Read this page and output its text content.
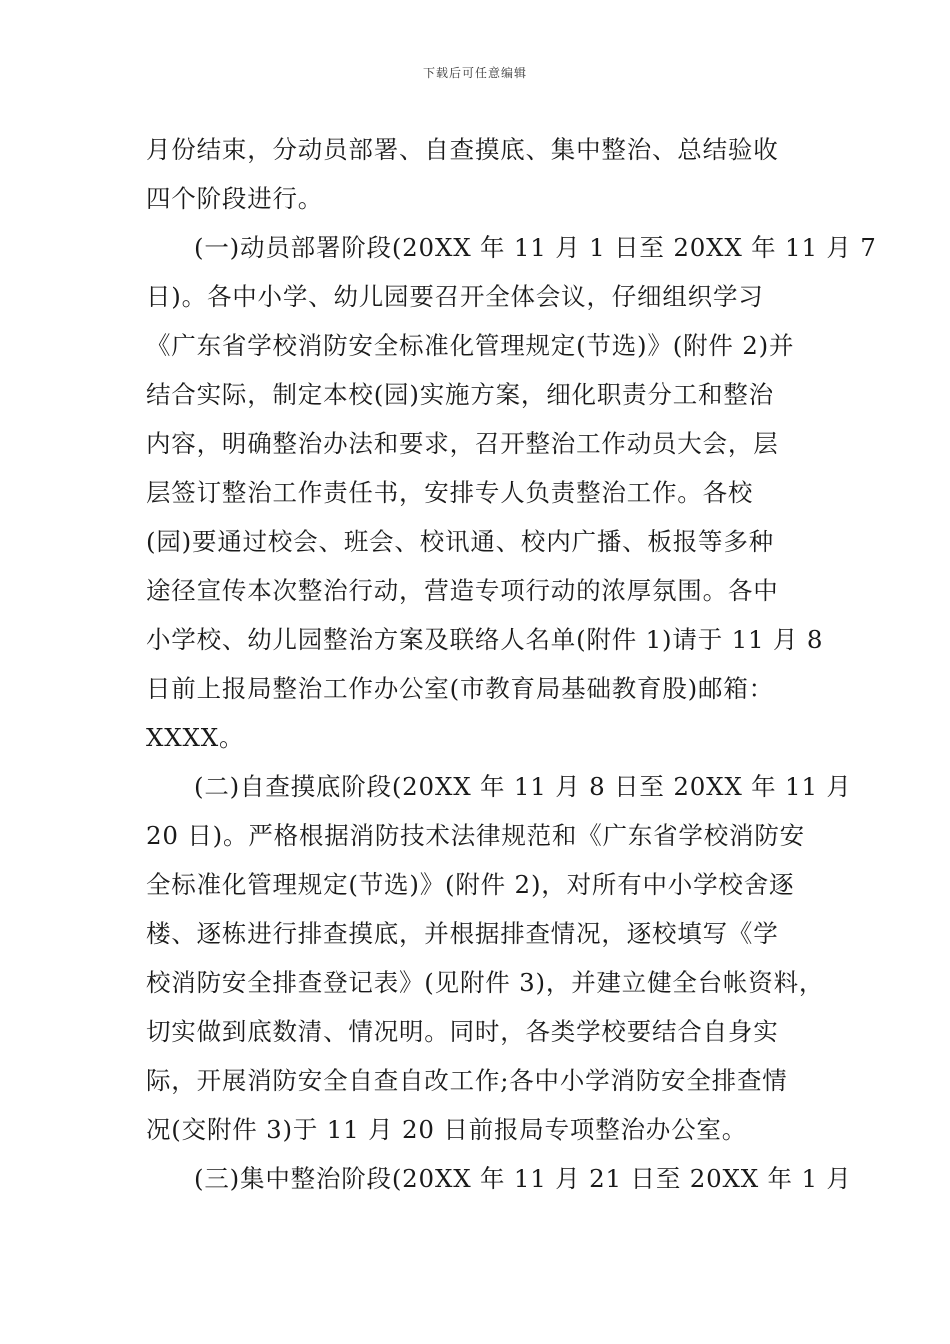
下载后可任意编辑
月份结束，分动员部署、自查摸底、集中整治、总结验收
四个阶段进行。
(一)动员部署阶段(20XX 年 11 月 1 日至 20XX 年 11 月 7
日)。各中小学、幼儿园要召开全体会议，仔细组织学习
《广东省学校消防安全标准化管理规定(节选)》(附件 2)并
结合实际，制定本校(园)实施方案，细化职责分工和整治
内容，明确整治办法和要求，召开整治工作动员大会，层
层签订整治工作责任书，安排专人负责整治工作。各校
(园)要通过校会、班会、校讯通、校内广播、板报等多种
途径宣传本次整治行动，营造专项行动的浓厚氛围。各中
小学校、幼儿园整治方案及联络人名单(附件 1)请于 11 月 8
日前上报局整治工作办公室(市教育局基础教育股)邮箱：
XXXX。
(二)自查摸底阶段(20XX 年 11 月 8 日至 20XX 年 11 月
20 日)。严格根据消防技术法律规范和《广东省学校消防安
全标准化管理规定(节选)》(附件 2)，对所有中小学校舍逐
楼、逐栋进行排查摸底，并根据排查情况，逐校填写《学
校消防安全排查登记表》(见附件 3)，并建立健全台帐资料，
切实做到底数清、情况明。同时，各类学校要结合自身实
际，开展消防安全自查自改工作;各中小学消防安全排查情
况(交附件 3)于 11 月 20 日前报局专项整治办公室。
(三)集中整治阶段(20XX 年 11 月 21 日至 20XX 年 1 月
